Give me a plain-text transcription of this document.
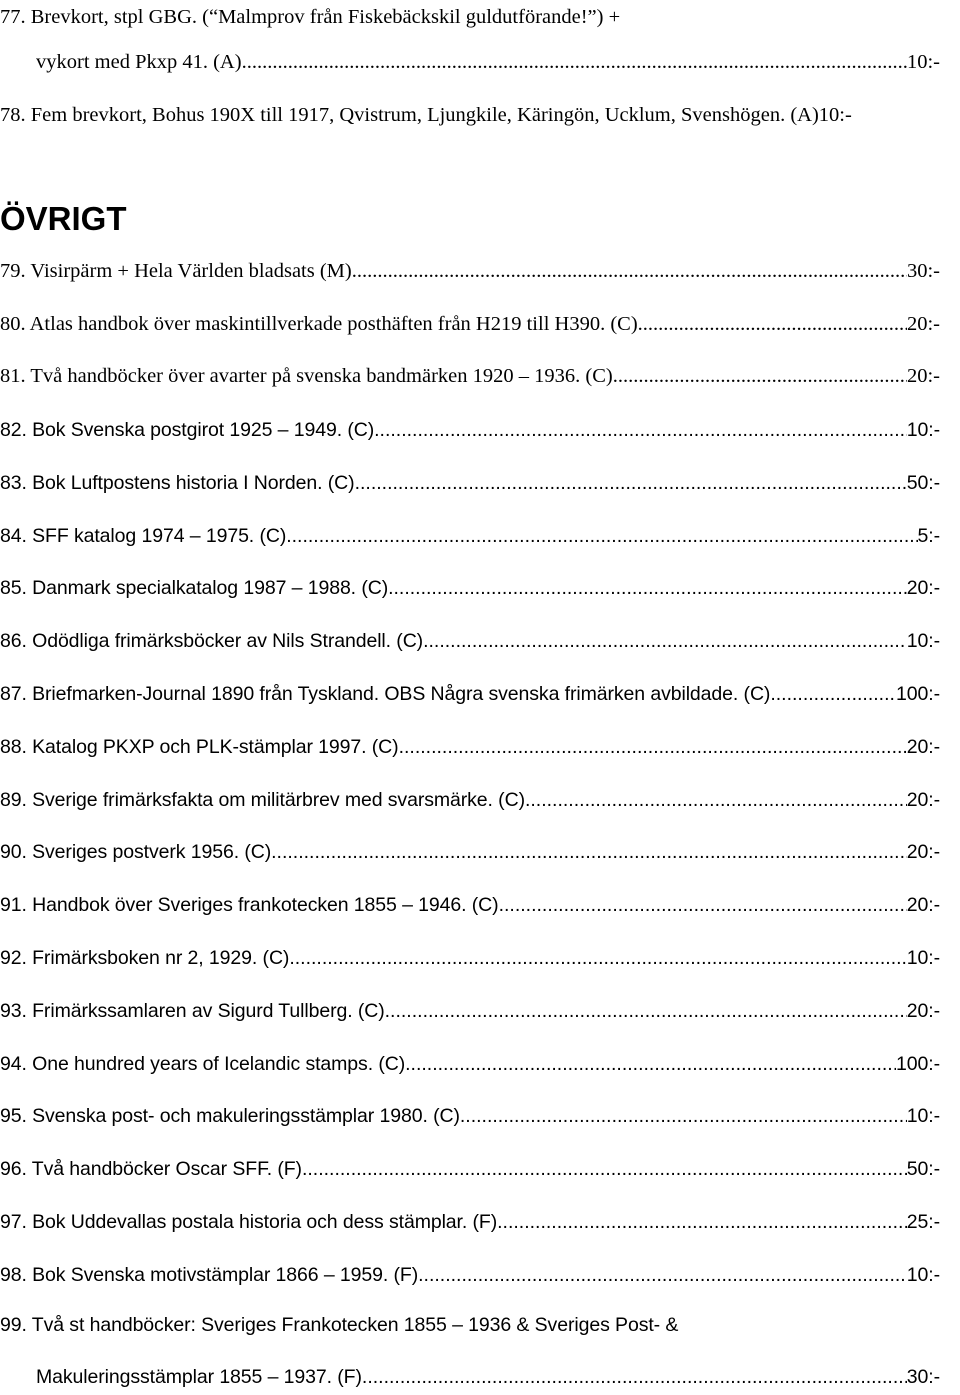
77. Brevkort, stpl GBG. (“Malmprov från Fiskebäckskil guldutförande!”) +
vykort med Pkxp 41. (A) .....	10:-
78. Fem brevkort, Bohus 190X till 1917, Qvistrum, Ljungkile, Käringön, Ucklum, Svenshögen. (A)10:-
ÖVRIGT
79. Visirpärm + Hela Världen bladsats (M) .....	30:-
80. Atlas handbok över maskintillverkade posthäften från H219 till H390. (C) .....	20:-
81. Två handböcker över avarter på svenska bandmärken 1920 – 1936. (C) .....	20:-
82. Bok Svenska postgirot 1925 – 1949. (C) .....	10:-
83. Bok Luftpostens historia I Norden. (C) .....	50:-
84. SFF katalog 1974 – 1975. (C) .....	5:-
85. Danmark specialkatalog 1987 – 1988. (C) .....	20:-
86. Odödliga frimärksböcker av Nils Strandell. (C) .....	10:-
87. Briefmarken-Journal 1890 från Tyskland. OBS Några svenska frimärken avbildade. (C) .....	100:-
88. Katalog PKXP och PLK-stämplar 1997. (C) .....	20:-
89. Sverige frimärksfakta om militärbrev med svarsmärke. (C) .....	20:-
90. Sveriges postverk 1956. (C) .....	20:-
91. Handbok över Sveriges frankotecken 1855 – 1946. (C) .....	20:-
92. Frimärksboken nr 2, 1929. (C) .....	10:-
93. Frimärkssamlaren av Sigurd Tullberg. (C) .....	20:-
94. One hundred years of Icelandic stamps. (C) .....	100:-
95. Svenska post- och makuleringsstämplar 1980. (C) .....	10:-
96. Två handböcker Oscar SFF. (F) .....	50:-
97. Bok Uddevallas postala historia och dess stämplar. (F) .....	25:-
98. Bok Svenska motivstämplar 1866 – 1959. (F) .....	10:-
99. Två st handböcker: Sveriges Frankotecken 1855 – 1936 & Sveriges Post- &
Makuleringsstämplar 1855 – 1937. (F) .....	30:-
